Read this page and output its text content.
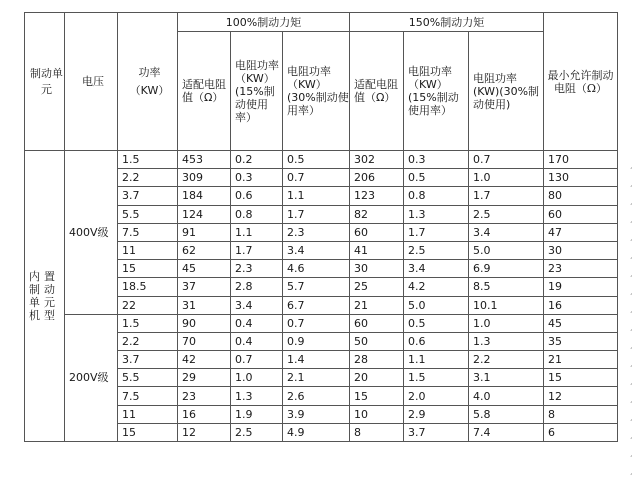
制动单元	电压	功率（KW）	100%制动力矩			150%制动力矩			最小允许制动电阻（Ω）
			适配电阻值（Ω）	电阻功率（KW）(15%制动使用率）	电阻功率（KW）(30%制动使用率）	适配电阻值（Ω）	电阻功率（KW）(15%制动使用率）	电阻功率(KW)(30%制动使用)	
内置制动单元机型	400V级	1.5	453	0.2	0.5	302	0.3	0.7	170
		2.2	309	0.3	0.7	206	0.5	1.0	130
		3.7	184	0.6	1.1	123	0.8	1.7	80
		5.5	124	0.8	1.7	82	1.3	2.5	60
		7.5	91	1.1	2.3	60	1.7	3.4	47
		11	62	1.7	3.4	41	2.5	5.0	30
		15	45	2.3	4.6	30	3.4	6.9	23
		18.5	37	2.8	5.7	25	4.2	8.5	19
		22	31	3.4	6.7	21	5.0	10.1	16
	200V级	1.5	90	0.4	0.7	60	0.5	1.0	45
		2.2	70	0.4	0.9	50	0.6	1.3	35
		3.7	42	0.7	1.4	28	1.1	2.2	21
		5.5	29	1.0	2.1	20	1.5	3.1	15
		7.5	23	1.3	2.6	15	2.0	4.0	12
		11	16	1.9	3.9	10	2.9	5.8	8
		15	12	2.5	4.9	8	3.7	7.4	6
ʻ
ʻ
ʻ
ʻ
ʻ
ʻ
ʻ
ʻ
ʻ
ʻ
ʻ
ʻ
ʻ
ʻ
ʻ
ʻ
ʻ
ʻ
